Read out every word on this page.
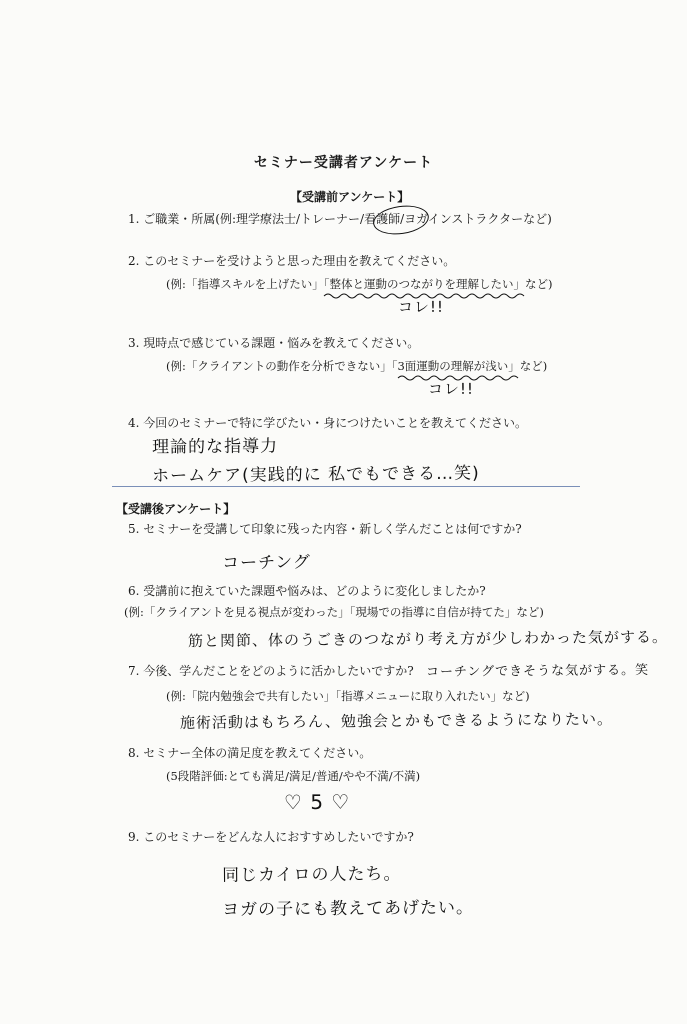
セミナー受講者アンケート
【受講前アンケート】
1. ご職業・所属(例:理学療法士/トレーナー/看護師/ヨガインストラクターなど)
2. このセミナーを受けようと思った理由を教えてください。
(例:「指導スキルを上げたい」「整体と運動のつながりを理解したい」など)
コレ!!
3. 現時点で感じている課題・悩みを教えてください。
(例:「クライアントの動作を分析できない」「3面運動の理解が浅い」など)
コレ!!
4. 今回のセミナーで特に学びたい・身につけたいことを教えてください。
理論的な指導力
ホームケア(実践的に 私でもできる…笑)
【受講後アンケート】
5. セミナーを受講して印象に残った内容・新しく学んだことは何ですか?
コーチング
6. 受講前に抱えていた課題や悩みは、どのように変化しましたか?
(例:「クライアントを見る視点が変わった」「現場での指導に自信が持てた」など)
筋と関節、体のうごきのつながり考え方が少しわかった気がする。
7. 今後、学んだことをどのように活かしたいですか? コーチングできそうな気がする。笑
(例:「院内勉強会で共有したい」「指導メニューに取り入れたい」など)
施術活動はもちろん、勉強会とかもできるようになりたい。
8. セミナー全体の満足度を教えてください。
(5段階評価:とても満足/満足/普通/やや不満/不満)
♡ 5 ♡
9. このセミナーをどんな人におすすめしたいですか?
同じカイロの人たち。
ヨガの子にも教えてあげたい。
